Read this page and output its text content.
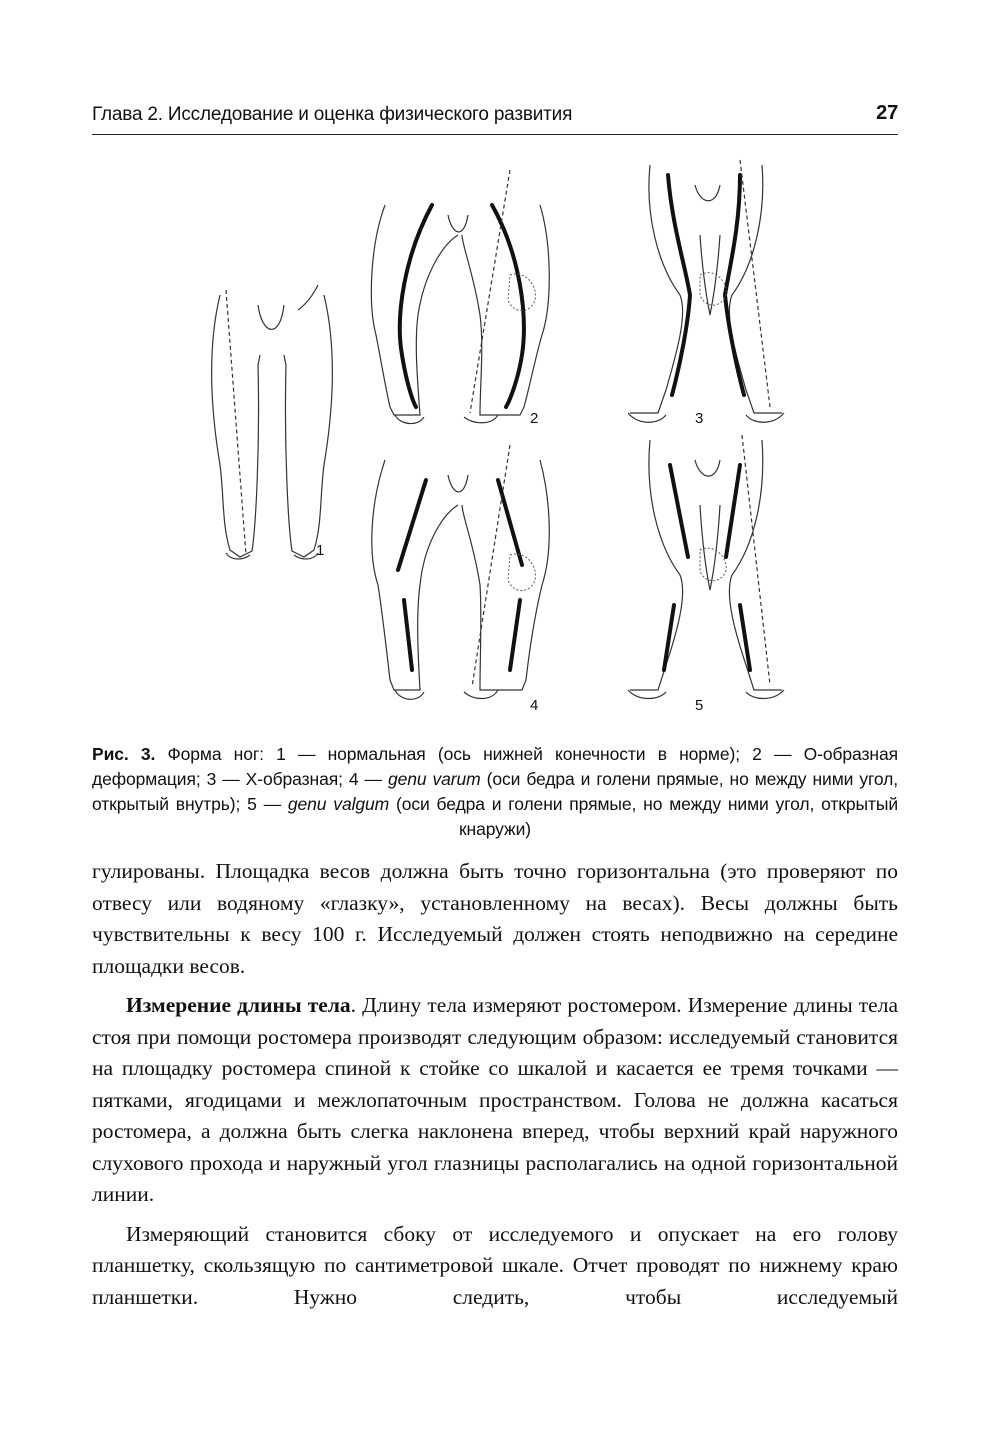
Глава 2. Исследование и оценка физического развития	27
1
2	3
4	5
Рис. 3. Форма ног: 1 — нормальная (ось нижней конечности в норме); 2 — О-образная деформация; 3 — Х-образная; 4 — genu varum (оси бедра и голени прямые, но между ними угол, открытый внутрь); 5 — genu valgum (оси бедра и голени прямые, но между ними угол, открытый кнаружи)

гулированы. Площадка весов должна быть точно горизонтальна (это проверяют по отвесу или водяному «глазку», установленному на весах). Весы должны быть чувствительны к весу 100 г. Исследуемый должен стоять неподвижно на середине площадки весов.

Измерение длины тела. Длину тела измеряют ростомером. Измерение длины тела стоя при помощи ростомера производят следующим образом: исследуемый становится на площадку ростомера спиной к стойке со шкалой и касается ее тремя точками — пятками, ягодицами и межлопаточным пространством. Голова не должна касаться ростомера, а должна быть слегка наклонена вперед, чтобы верхний край наружного слухового прохода и наружный угол глазницы располагались на одной горизонтальной линии.

Измеряющий становится сбоку от исследуемого и опускает на его голову планшетку, скользящую по сантиметровой шкале. Отчет проводят по нижнему краю планшетки. Нужно следить, чтобы исследуемый
